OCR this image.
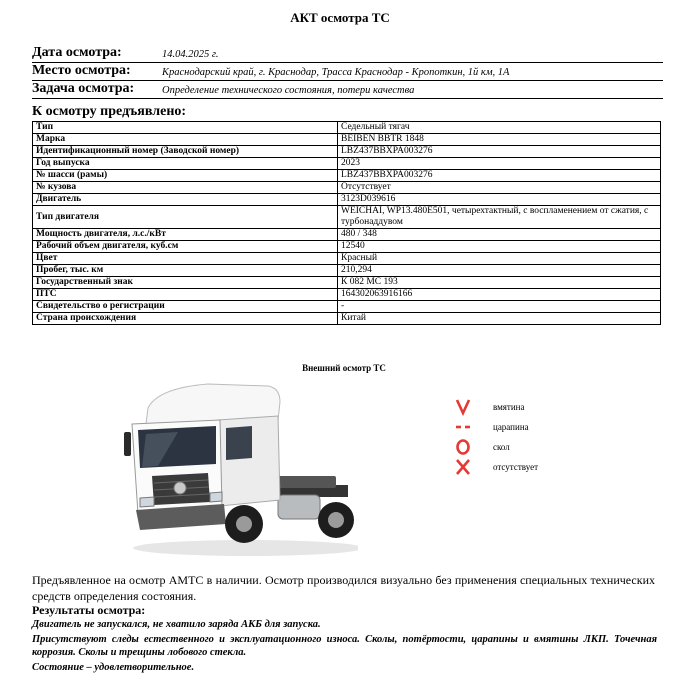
АКТ осмотра ТС
Дата осмотра:	14.04.2025 г.
Место осмотра:	Краснодарский край, г. Краснодар, Трасса Краснодар - Кропоткин, 1й км, 1А
Задача осмотра:	Определение технического состояния, потери качества
К осмотру предъявлено:
Тип	Седельный тягач
Марка	BEIBEN BBTR 1848
Идентификационный номер (Заводской номер)	LBZ437BBXPA003276
Год выпуска	2023
№ шасси (рамы)	LBZ437BBXPA003276
№ кузова	Отсутствует
Двигатель	3123D039616
Тип двигателя	WEICHAI, WP13.480E501, четырехтактный, с воспламенением от сжатия, с турбонаддувом
Мощность двигателя, л.с./кВт	480 / 348
Рабочий объем двигателя, куб.см	12540
Цвет	Красный
Пробег, тыс. км	210,294
Государственный знак	К 082 МС 193
ПТС	164302063916166
Свидетельство о регистрации	-
Страна происхождения	Китай
Внешний осмотр ТС
вмятина
царапина
скол
отсутствует
Предъявленное на осмотр АМТС в наличии. Осмотр производился визуально без применения специальных технических средств определения состояния.
Результаты осмотра:
Двигатель не запускался, не хватило заряда АКБ для запуска.
Присутствуют следы естественного и эксплуатационного износа. Сколы, потёртости, царапины и вмятины ЛКП. Точечная коррозия. Сколы и трещины лобового стекла.
Состояние – удовлетворительное.
